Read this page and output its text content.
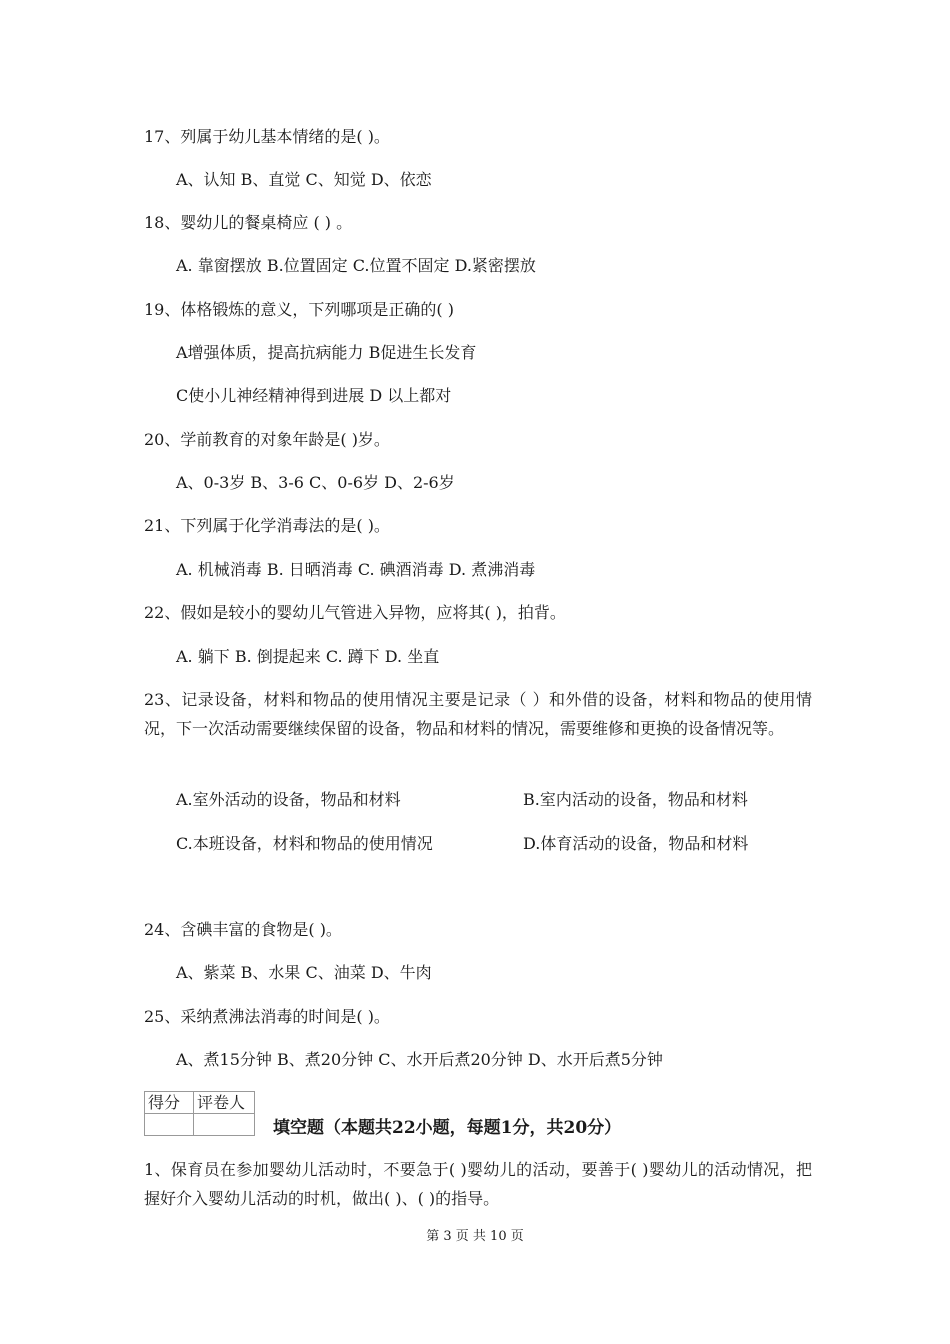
17、列属于幼儿基本情绪的是( )。
A、认知 B、直觉 C、知觉 D、依恋
18、婴幼儿的餐桌椅应 ( ) 。
A. 靠窗摆放 B.位置固定 C.位置不固定 D.紧密摆放
19、体格锻炼的意义，下列哪项是正确的( )
A增强体质，提高抗病能力 B促进生长发育
C使小儿神经精神得到进展 D 以上都对
20、学前教育的对象年龄是( )岁。
A、0-3岁 B、3-6 C、0-6岁 D、2-6岁
21、下列属于化学消毒法的是( )。
A. 机械消毒 B. 日晒消毒 C. 碘酒消毒 D. 煮沸消毒
22、假如是较小的婴幼儿气管进入异物，应将其( )，拍背。
A. 躺下 B. 倒提起来 C. 蹲下 D. 坐直
23、记录设备，材料和物品的使用情况主要是记录（ ）和外借的设备，材料和物品的使用情况，下一次活动需要继续保留的设备，物品和材料的情况，需要维修和更换的设备情况等。
A.室外活动的设备，物品和材料	B.室内活动的设备，物品和材料
C.本班设备，材料和物品的使用情况	D.体育活动的设备，物品和材料
24、含碘丰富的食物是( )。
A、紫菜 B、水果 C、油菜 D、牛肉
25、采纳煮沸法消毒的时间是( )。
A、煮15分钟 B、煮20分钟 C、水开后煮20分钟 D、水开后煮5分钟
得分	评卷人

填空题（本题共22小题，每题1分，共20分）
1、保育员在参加婴幼儿活动时，不要急于( )婴幼儿的活动，要善于( )婴幼儿的活动情况，把握好介入婴幼儿活动的时机，做出( )、( )的指导。
第 3 页 共 10 页
